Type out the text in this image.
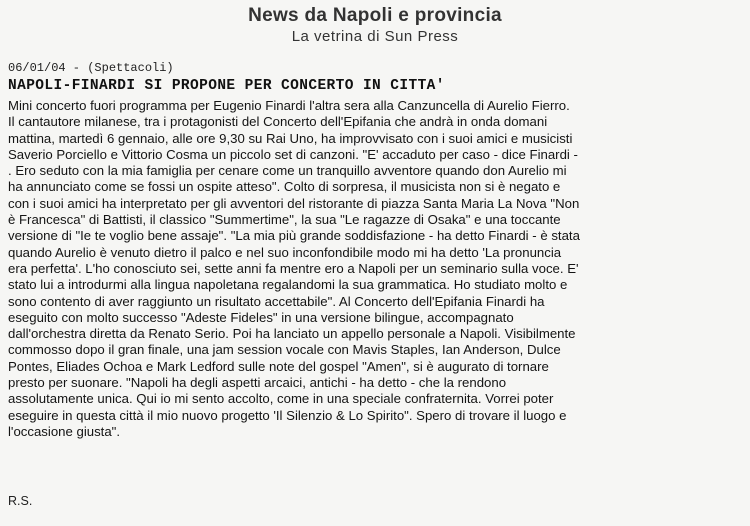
News da Napoli e provincia
La vetrina di Sun Press
06/01/04 - (Spettacoli)
NAPOLI-FINARDI SI PROPONE PER CONCERTO IN CITTA'

Mini concerto fuori programma per Eugenio Finardi l'altra sera alla Canzuncella di Aurelio Fierro.
Il cantautore milanese, tra i protagonisti del Concerto dell'Epifania che andrà in onda domani
mattina, martedì 6 gennaio, alle ore 9,30 su Rai Uno, ha improvvisato con i suoi amici e musicisti
Saverio Porciello e Vittorio Cosma un piccolo set di canzoni. "E' accaduto per caso - dice Finardi -
. Ero seduto con la mia famiglia per cenare come un tranquillo avventore quando don Aurelio mi
ha annunciato come se fossi un ospite atteso". Colto di sorpresa, il musicista non si è negato e
con i suoi amici ha interpretato per gli avventori del ristorante di piazza Santa Maria La Nova "Non
è Francesca" di Battisti, il classico "Summertime", la sua "Le ragazze di Osaka" e una toccante
versione di "Ie te voglio bene assaje". "La mia più grande soddisfazione - ha detto Finardi - è stata
quando Aurelio è venuto dietro il palco e nel suo inconfondibile modo mi ha detto 'La pronuncia
era perfetta'. L'ho conosciuto sei, sette anni fa mentre ero a Napoli per un seminario sulla voce. E'
stato lui a introdurmi alla lingua napoletana regalandomi la sua grammatica. Ho studiato molto e
sono contento di aver raggiunto un risultato accettabile". Al Concerto dell'Epifania Finardi ha
eseguito con molto successo "Adeste Fideles" in una versione bilingue, accompagnato
dall'orchestra diretta da Renato Serio. Poi ha lanciato un appello personale a Napoli. Visibilmente
commosso dopo il gran finale, una jam session vocale con Mavis Staples, Ian Anderson, Dulce
Pontes, Eliades Ochoa e Mark Ledford sulle note del gospel "Amen", si è augurato di tornare
presto per suonare. "Napoli ha degli aspetti arcaici, antichi - ha detto - che la rendono
assolutamente unica. Qui io mi sento accolto, come in una speciale confraternita. Vorrei poter
eseguire in questa città il mio nuovo progetto 'Il Silenzio & Lo Spirito". Spero di trovare il luogo e
l'occasione giusta".

R.S.
